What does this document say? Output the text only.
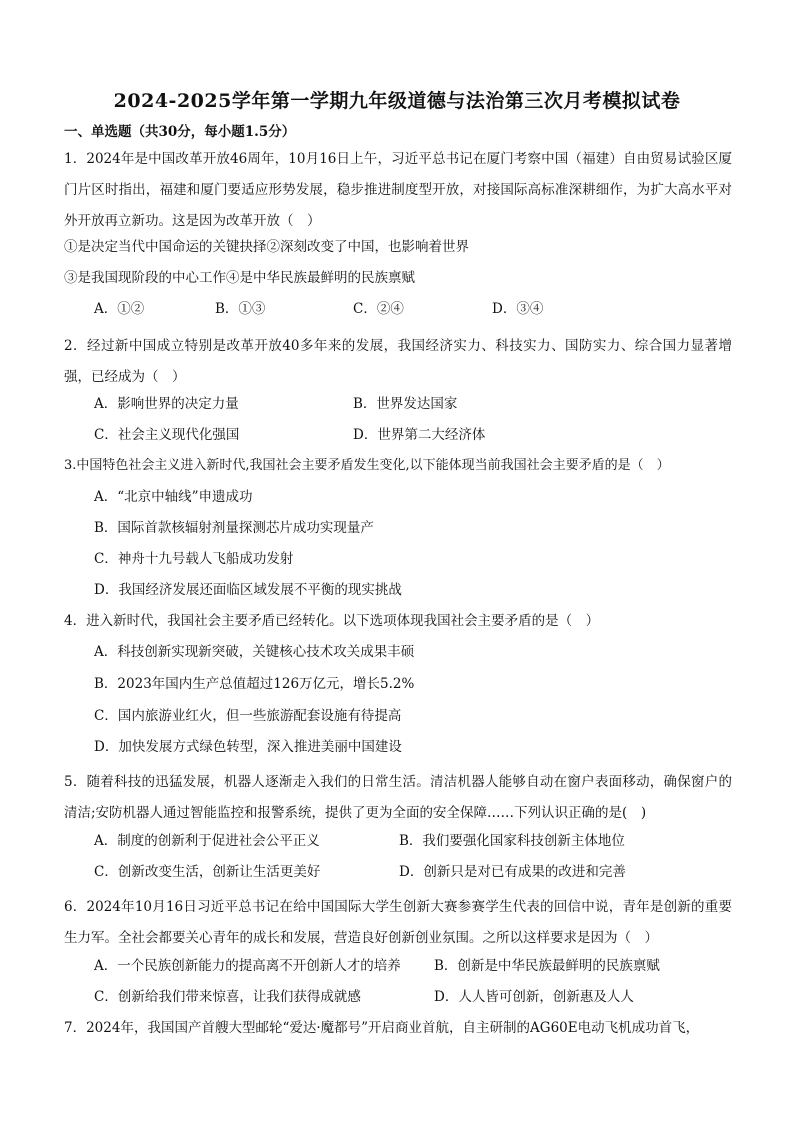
2024-2025学年第一学期九年级道德与法治第三次月考模拟试卷
一、单选题（共30分，每小题1.5分）
1．2024年是中国改革开放46周年，10月16日上午，习近平总书记在厦门考察中国（福建）自由贸易试验区厦门片区时指出，福建和厦门要适应形势发展，稳步推进制度型开放，对接国际高标准深耕细作，为扩大高水平对外开放再立新功。这是因为改革开放（　）
①是决定当代中国命运的关键抉择②深刻改变了中国，也影响着世界
③是我国现阶段的中心工作④是中华民族最鲜明的民族禀赋
A．①②	B．①③	C．②④	D．③④
2．经过新中国成立特别是改革开放40多年来的发展，我国经济实力、科技实力、国防实力、综合国力显著增强，已经成为（　）
A．影响世界的决定力量	B．世界发达国家
C．社会主义现代化强国	D．世界第二大经济体
3.中国特色社会主义进入新时代,我国社会主要矛盾发生变化,以下能体现当前我国社会主要矛盾的是（　）
A．“北京中轴线”申遗成功
B．国际首款核辐射剂量探测芯片成功实现量产
C．神舟十九号载人飞船成功发射
D．我国经济发展还面临区域发展不平衡的现实挑战
4．进入新时代，我国社会主要矛盾已经转化。以下选项体现我国社会主要矛盾的是（　）
A．科技创新实现新突破，关键核心技术攻关成果丰硕
B．2023年国内生产总值超过126万亿元，增长5.2%
C．国内旅游业红火，但一些旅游配套设施有待提高
D．加快发展方式绿色转型，深入推进美丽中国建设
5．随着科技的迅猛发展，机器人逐渐走入我们的日常生活。清洁机器人能够自动在窗户表面移动，确保窗户的清洁;安防机器人通过智能监控和报警系统，提供了更为全面的安全保障……下列认识正确的是(　)
A．制度的创新利于促进社会公平正义	B．我们要强化国家科技创新主体地位
C．创新改变生活，创新让生活更美好	D．创新只是对已有成果的改进和完善
6．2024年10月16日习近平总书记在给中国国际大学生创新大赛参赛学生代表的回信中说，青年是创新的重要生力军。全社会都要关心青年的成长和发展，营造良好创新创业氛围。之所以这样要求是因为（　）
A．一个民族创新能力的提高离不开创新人才的培养 B．创新是中华民族最鲜明的民族禀赋
C．创新给我们带来惊喜，让我们获得成就感	D．人人皆可创新，创新惠及人人
7．2024年，我国国产首艘大型邮轮“爱达·魔都号”开启商业首航，自主研制的AG60E电动飞机成功首飞，
